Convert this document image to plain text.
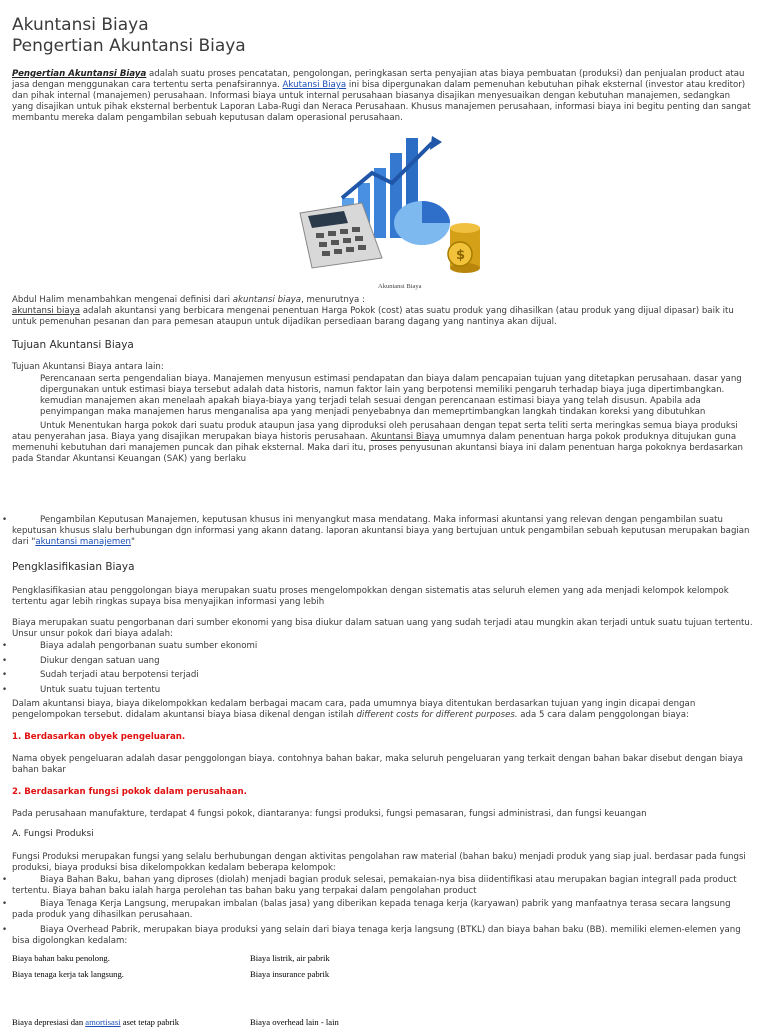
Akuntansi Biaya
Pengertian Akuntansi Biaya

Pengertian Akuntansi Biaya adalah suatu proses pencatatan, pengolongan, peringkasan serta penyajian atas biaya pembuatan (produksi) dan penjualan product atau jasa dengan menggunakan cara tertentu serta penafsirannya. Akutansi Biaya ini bisa dipergunakan dalam pemenuhan kebutuhan pihak eksternal (investor atau kreditor) dan pihak internal (manajemen) perusahaan. Informasi biaya untuk internal perusahaan biasanya disajikan menyesuaikan dengan kebutuhan manajemen, sedangkan yang disajikan untuk pihak eksternal berbentuk Laporan Laba-Rugi dan Neraca Perusahaan. Khusus manajemen perusahaan, informasi biaya ini begitu penting dan sangat membantu mereka dalam pengambilan sebuah keputusan dalam operasional perusahaan.

$
Akuntansi Biaya

Abdul Halim menambahkan mengenai definisi dari akuntansi biaya, menurutnya :

akuntansi biaya adalah akuntansi yang berbicara mengenai penentuan Harga Pokok (cost) atas suatu produk yang dihasilkan (atau produk yang dijual dipasar) baik itu untuk pemenuhan pesanan dan para pemesan ataupun untuk dijadikan persediaan barang dagang yang nantinya akan dijual.

Tujuan Akuntansi Biaya

Tujuan Akuntansi Biaya antara lain:

Perencanaan serta pengendalian biaya. Manajemen menyusun estimasi pendapatan dan biaya dalam pencapaian tujuan yang ditetapkan perusahaan. dasar yang dipergunakan untuk estimasi biaya tersebut adalah data historis, namun faktor lain yang berpotensi memiliki pengaruh terhadap biaya juga dipertimbangkan. kemudian manajemen akan menelaah apakah biaya-biaya yang terjadi telah sesuai dengan perencanaan estimasi biaya yang telah disusun. Apabila ada penyimpangan maka manajemen harus menganalisa apa yang menjadi penyebabnya dan memeprtimbangkan langkah tindakan koreksi yang dibutuhkan

Untuk Menentukan harga pokok dari suatu produk ataupun jasa yang diproduksi oleh perusahaan dengan tepat serta teliti serta meringkas semua biaya produksi atau penyerahan jasa. Biaya yang disajikan merupakan biaya historis perusahaan. Akuntansi Biaya umumnya dalam penentuan harga pokok produknya ditujukan guna memenuhi kebutuhan dari manajemen puncak dan pihak eksternal. Maka dari itu, proses penyusunan akuntansi biaya ini dalam penentuan harga pokoknya berdasarkan pada Standar Akuntansi Keuangan (SAK) yang berlaku

•	Pengambilan Keputusan Manajemen, keputusan khusus ini menyangkut masa mendatang. Maka informasi akuntansi yang relevan dengan pengambilan suatu keputusan khusus slalu berhubungan dgn informasi yang akann datang. laporan akuntansi biaya yang bertujuan untuk pengambilan sebuah keputusan merupakan bagian dari "akuntansi manajemen"

Pengklasifikasian Biaya

Pengklasifikasian atau penggolongan biaya merupakan suatu proses mengelompokkan dengan sistematis atas seluruh elemen yang ada menjadi kelompok kelompok tertentu agar lebih ringkas supaya bisa menyajikan informasi yang lebih

Biaya merupakan suatu pengorbanan dari sumber ekonomi yang bisa diukur dalam satuan uang yang sudah terjadi atau mungkin akan terjadi untuk suatu tujuan tertentu.

Unsur unsur pokok dari biaya adalah:

•	Biaya adalah pengorbanan suatu sumber ekonomi

•	Diukur dengan satuan uang

•	Sudah terjadi atau berpotensi terjadi

•	Untuk suatu tujuan tertentu

Dalam akuntansi biaya, biaya dikelompokkan kedalam berbagai macam cara, pada umumnya biaya ditentukan berdasarkan tujuan yang ingin dicapai dengan pengelompokan tersebut. didalam akuntansi biaya biasa dikenal dengan istilah different costs for different purposes. ada 5 cara dalam penggolongan biaya:

1. Berdasarkan obyek pengeluaran.

Nama obyek pengeluaran adalah dasar penggolongan biaya. contohnya bahan bakar, maka seluruh pengeluaran yang terkait dengan bahan bakar disebut dengan biaya bahan bakar

2. Berdasarkan fungsi pokok dalam perusahaan.

Pada perusahaan manufakture, terdapat 4 fungsi pokok, diantaranya: fungsi produksi, fungsi pemasaran, fungsi administrasi, dan fungsi keuangan

A. Fungsi Produksi

Fungsi Produksi merupakan fungsi yang selalu berhubungan dengan aktivitas pengolahan raw material (bahan baku) menjadi produk yang siap jual. berdasar pada fungsi produksi, biaya produksi bisa dikelompokkan kedalam beberapa kelompok:

•	Biaya Bahan Baku, bahan yang diproses (diolah) menjadi bagian produk selesai, pemakaian-nya bisa diidentifikasi atau merupakan bagian integrall pada product tertentu. Biaya bahan baku ialah harga perolehan tas bahan baku yang terpakai dalam pengolahan product

•	Biaya Tenaga Kerja Langsung, merupakan imbalan (balas jasa) yang diberikan kepada tenaga kerja (karyawan) pabrik yang manfaatnya terasa secara langsung pada produk yang dihasilkan perusahaan.

•	Biaya Overhead Pabrik, merupakan biaya produksi yang selain dari biaya tenaga kerja langsung (BTKL) dan biaya bahan baku (BB). memiliki elemen-elemen yang bisa digolongkan kedalam:

Biaya bahan baku penolong.	Biaya listrik, air pabrik
Biaya tenaga kerja tak langsung.	Biaya insurance pabrik
Biaya depresiasi dan amortisasi aset tetap pabrik	Biaya overhead lain - lain
